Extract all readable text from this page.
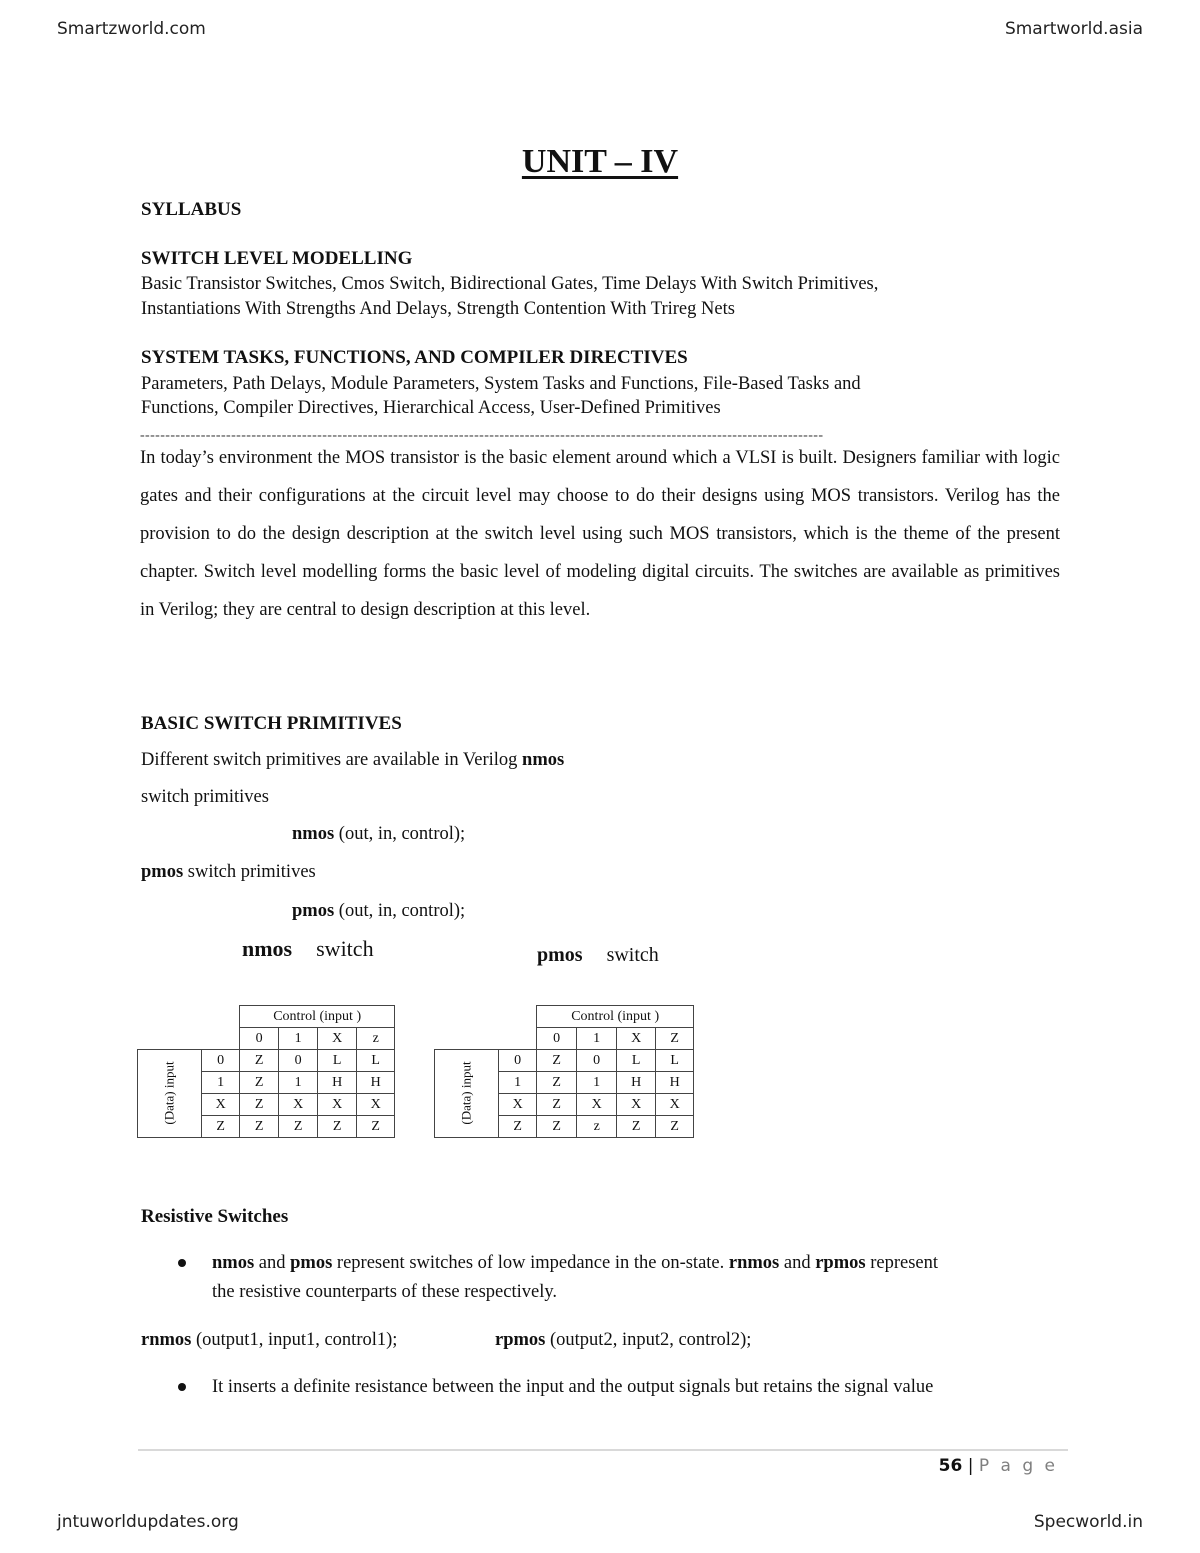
Smartzworld.com	Smartworld.asia
UNIT – IV
SYLLABUS
SWITCH LEVEL MODELLING
Basic Transistor Switches, Cmos Switch, Bidirectional Gates, Time Delays With Switch Primitives,
Instantiations With Strengths And Delays, Strength Contention With Trireg Nets
SYSTEM TASKS, FUNCTIONS, AND COMPILER DIRECTIVES
Parameters, Path Delays, Module Parameters, System Tasks and Functions, File-Based Tasks and
Functions, Compiler Directives, Hierarchical Access, User-Defined Primitives
---------------------------------------------------------------------------------------------------------------------------------------
In today’s environment the MOS transistor is the basic element around which a VLSI is built. Designers familiar with logic gates and their configurations at the circuit level may choose to do their designs using MOS transistors. Verilog has the provision to do the design description at the switch level using such MOS transistors, which is the theme of the present chapter. Switch level modelling forms the basic level of modeling digital circuits. The switches are available as primitives in Verilog; they are central to design description at this level.
BASIC SWITCH PRIMITIVES
Different switch primitives are available in Verilog nmos
switch primitives
nmos (out, in, control);
pmos switch primitives
pmos (out, in, control);
nmos switch	pmos switch
		Control (input )			
		0	1	X	z
(Data) input	0	Z	0	L	L
	1	Z	1	H	H
	X	Z	X	X	X
	Z	Z	Z	Z	Z
		Control (input )			
		0	1	X	Z
(Data) input	0	Z	0	L	L
	1	Z	1	H	H
	X	Z	X	X	X
	Z	Z	z	Z	Z
Resistive Switches
nmos and pmos represent switches of low impedance in the on-state. rnmos and rpmos represent
the resistive counterparts of these respectively.
rnmos (output1, input1, control1);	rpmos (output2, input2, control2);
It inserts a definite resistance between the input and the output signals but retains the signal value
56 | P a g e
jntuworldupdates.org	Specworld.in
